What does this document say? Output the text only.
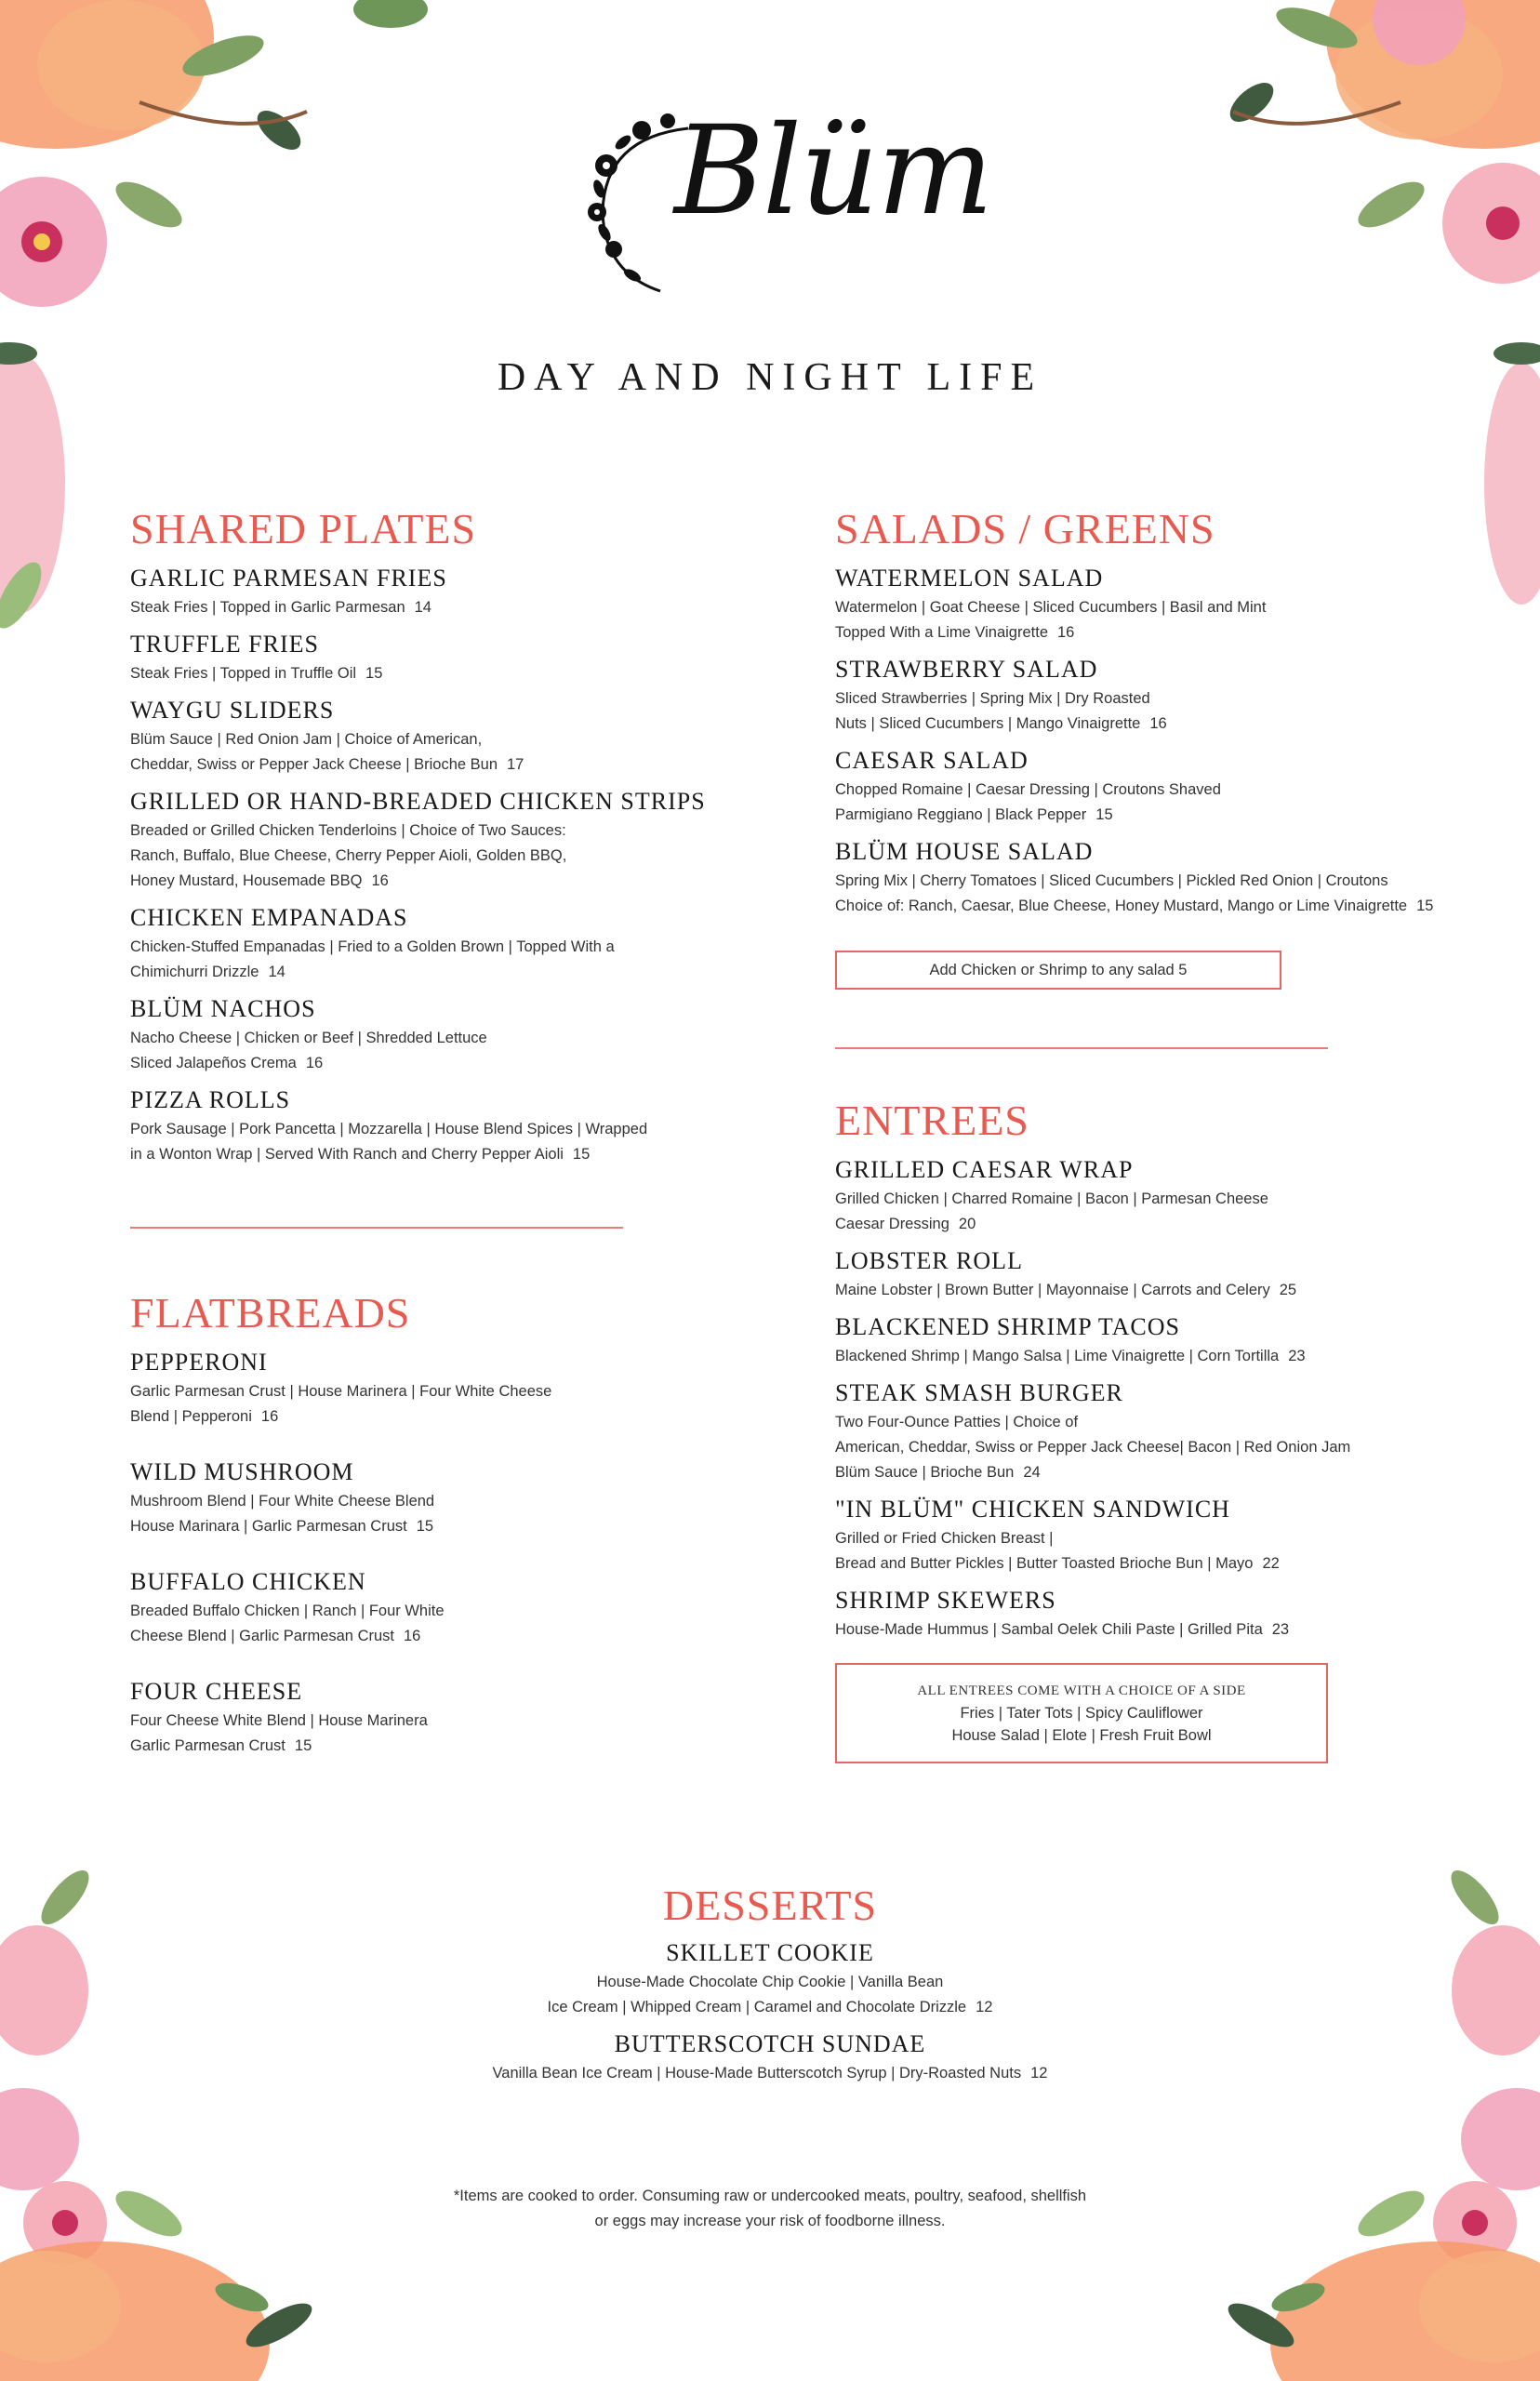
Blüm
DAY AND NIGHT LIFE
SHARED PLATES
GARLIC PARMESAN FRIES
Steak Fries | Topped in Garlic Parmesan 14
TRUFFLE FRIES
Steak Fries | Topped in Truffle Oil 15
WAYGU SLIDERS
Blüm Sauce | Red Onion Jam | Choice of American,
Cheddar, Swiss or Pepper Jack Cheese | Brioche Bun 17
GRILLED OR HAND-BREADED CHICKEN STRIPS
Breaded or Grilled Chicken Tenderloins | Choice of Two Sauces:
Ranch, Buffalo, Blue Cheese, Cherry Pepper Aioli, Golden BBQ,
Honey Mustard, Housemade BBQ 16
CHICKEN EMPANADAS
Chicken-Stuffed Empanadas | Fried to a Golden Brown | Topped With a
Chimichurri Drizzle 14
BLÜM NACHOS
Nacho Cheese | Chicken or Beef | Shredded Lettuce
Sliced Jalapeños Crema 16
PIZZA ROLLS
Pork Sausage | Pork Pancetta | Mozzarella | House Blend Spices | Wrapped
in a Wonton Wrap | Served With Ranch and Cherry Pepper Aioli 15
FLATBREADS
PEPPERONI
Garlic Parmesan Crust | House Marinera | Four White Cheese
Blend | Pepperoni 16
WILD MUSHROOM
Mushroom Blend | Four White Cheese Blend
House Marinara | Garlic Parmesan Crust 15
BUFFALO CHICKEN
Breaded Buffalo Chicken | Ranch | Four White
Cheese Blend | Garlic Parmesan Crust 16
FOUR CHEESE
Four Cheese White Blend | House Marinera
Garlic Parmesan Crust 15
SALADS / GREENS
WATERMELON SALAD
Watermelon | Goat Cheese | Sliced Cucumbers | Basil and Mint
Topped With a Lime Vinaigrette 16
STRAWBERRY SALAD
Sliced Strawberries | Spring Mix | Dry Roasted
Nuts | Sliced Cucumbers | Mango Vinaigrette 16
CAESAR SALAD
Chopped Romaine | Caesar Dressing | Croutons Shaved
Parmigiano Reggiano | Black Pepper 15
BLÜM HOUSE SALAD
Spring Mix | Cherry Tomatoes | Sliced Cucumbers | Pickled Red Onion | Croutons
Choice of: Ranch, Caesar, Blue Cheese, Honey Mustard, Mango or Lime Vinaigrette 15
Add Chicken or Shrimp to any salad 5
ENTREES
GRILLED CAESAR WRAP
Grilled Chicken | Charred Romaine | Bacon | Parmesan Cheese
Caesar Dressing 20
LOBSTER ROLL
Maine Lobster | Brown Butter | Mayonnaise | Carrots and Celery 25
BLACKENED SHRIMP TACOS
Blackened Shrimp | Mango Salsa | Lime Vinaigrette | Corn Tortilla 23
STEAK SMASH BURGER
Two Four-Ounce Patties | Choice of
American, Cheddar, Swiss or Pepper Jack Cheese| Bacon | Red Onion Jam
Blüm Sauce | Brioche Bun 24
"IN BLÜM" CHICKEN SANDWICH
Grilled or Fried Chicken Breast |
Bread and Butter Pickles | Butter Toasted Brioche Bun | Mayo 22
SHRIMP SKEWERS
House-Made Hummus | Sambal Oelek Chili Paste | Grilled Pita 23
ALL ENTREES COME WITH A CHOICE OF A SIDE
Fries | Tater Tots | Spicy Cauliflower
House Salad | Elote | Fresh Fruit Bowl
DESSERTS
SKILLET COOKIE
House-Made Chocolate Chip Cookie | Vanilla Bean
Ice Cream | Whipped Cream | Caramel and Chocolate Drizzle 12
BUTTERSCOTCH SUNDAE
Vanilla Bean Ice Cream | House-Made Butterscotch Syrup | Dry-Roasted Nuts 12
*Items are cooked to order. Consuming raw or undercooked meats, poultry, seafood, shellfish
or eggs may increase your risk of foodborne illness.
